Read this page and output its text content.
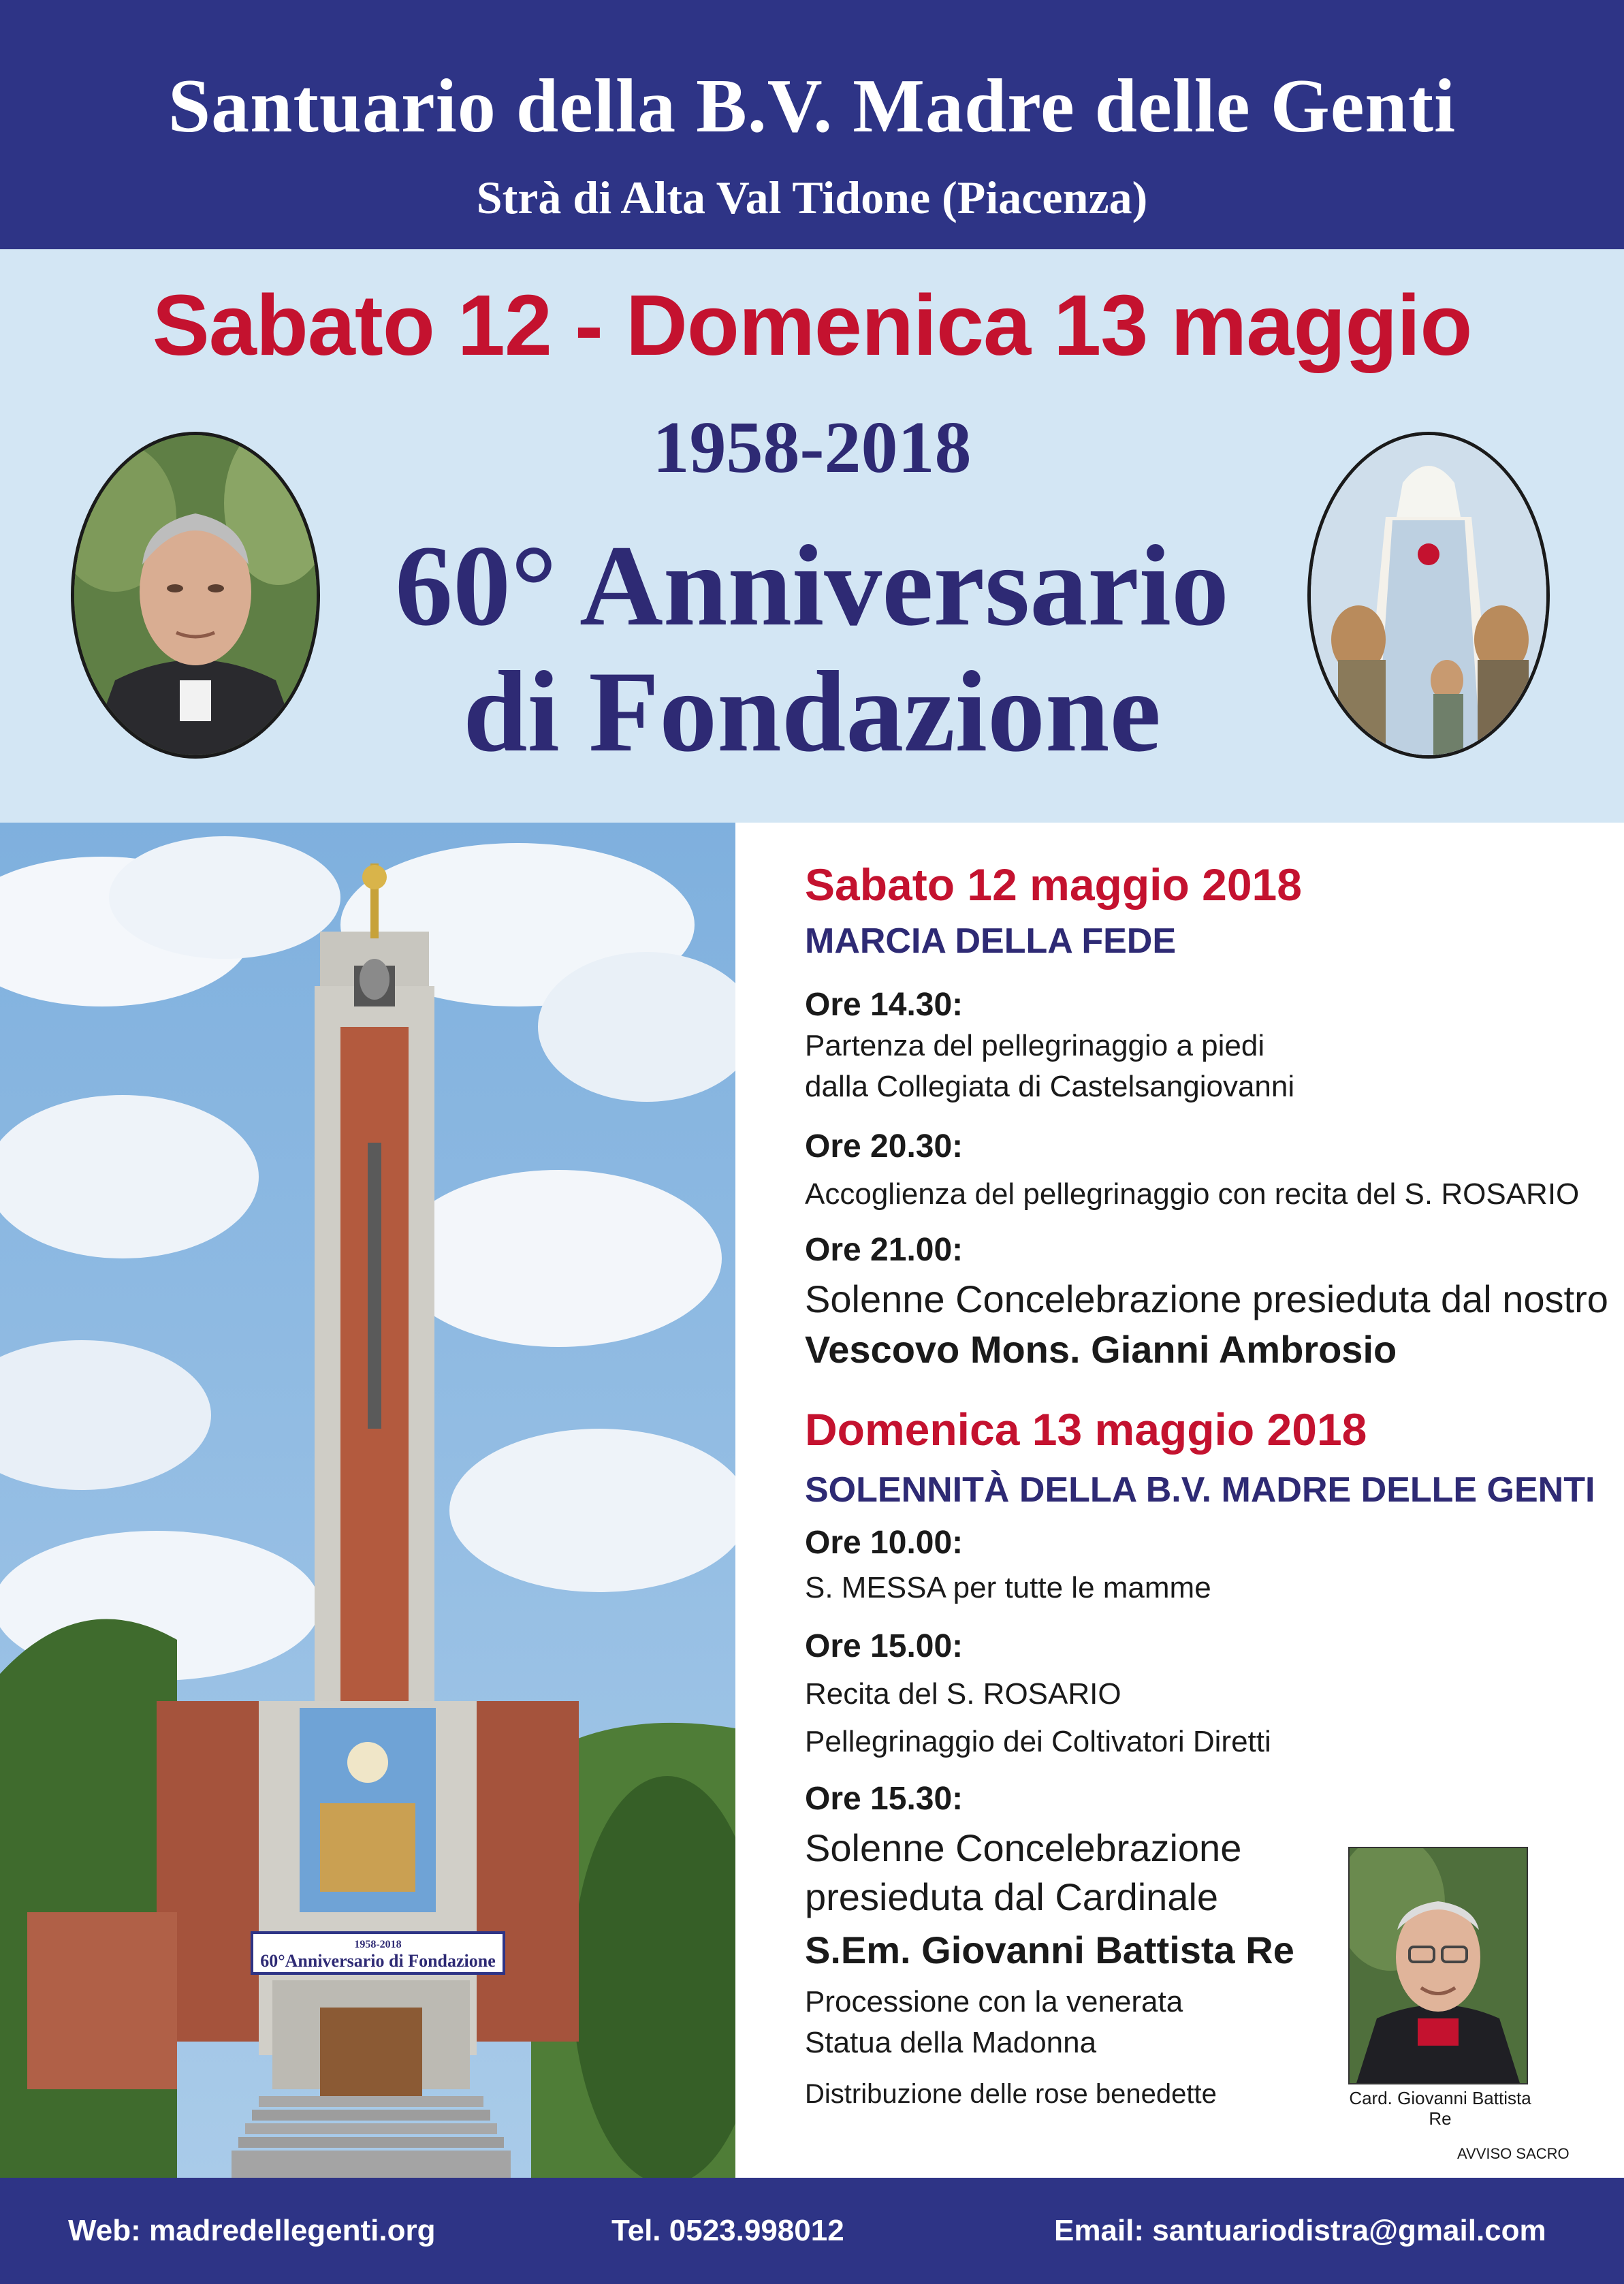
Santuario della B.V. Madre delle Genti
Strà di Alta Val Tidone (Piacenza)
Sabato 12 - Domenica 13 maggio
1958-2018
60° Anniversario
di Fondazione
1958-2018
60°Anniversario di Fondazione
Sabato 12 maggio 2018
MARCIA DELLA FEDE
Ore 14.30:
Partenza del pellegrinaggio a piedi
dalla Collegiata di Castelsangiovanni
Ore 20.30:
Accoglienza del pellegrinaggio con recita del S. ROSARIO
Ore 21.00:
Solenne Concelebrazione presieduta dal nostro
Vescovo Mons. Gianni Ambrosio
Domenica 13 maggio 2018
SOLENNITÀ DELLA B.V. MADRE DELLE GENTI
Ore 10.00:
S. MESSA per tutte le mamme
Ore 15.00:
Recita del S. ROSARIO
Pellegrinaggio dei Coltivatori Diretti
Ore 15.30:
Solenne Concelebrazione
presieduta dal Cardinale
S.Em. Giovanni Battista Re
Processione con la venerata
Statua della Madonna
Distribuzione delle rose benedette	Card. Giovanni Battista Re
AVVISO SACRO
Web: madredellegenti.org	Tel. 0523.998012	Email: santuariodistra@gmail.com
